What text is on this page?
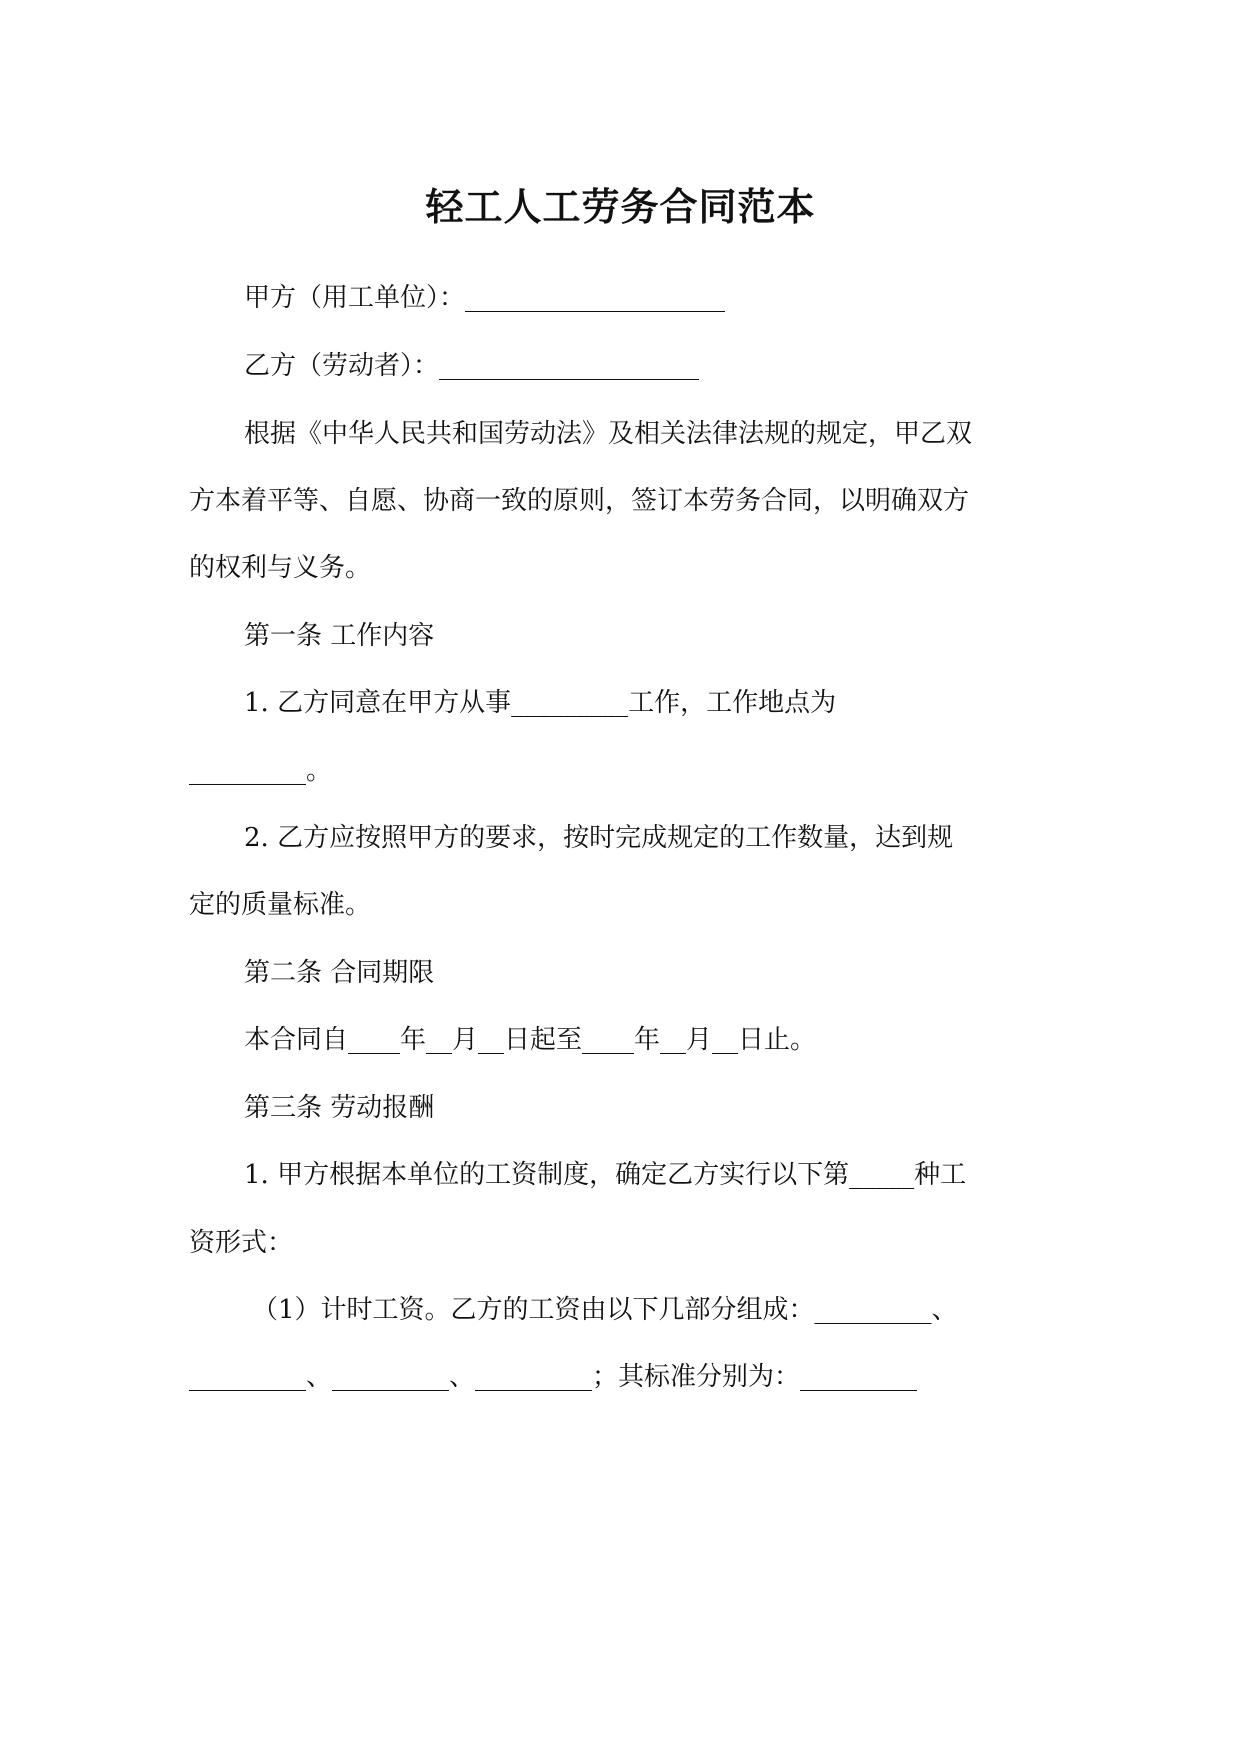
轻工人工劳务合同范本

甲方（用工单位）：____________________

乙方（劳动者）：____________________

根据《中华人民共和国劳动法》及相关法律法规的规定，甲乙双

方本着平等、自愿、协商一致的原则，签订本劳务合同，以明确双方

的权利与义务。

第一条 工作内容

1. 乙方同意在甲方从事_________工作，工作地点为

_________。

2. 乙方应按照甲方的要求，按时完成规定的工作数量，达到规

定的质量标准。

第二条 合同期限

本合同自____年__月__日起至____年__月__日止。

第三条 劳动报酬

1. 甲方根据本单位的工资制度，确定乙方实行以下第_____种工

资形式：

（1）计时工资。乙方的工资由以下几部分组成：_________、

_________、_________、_________；其标准分别为：_________
